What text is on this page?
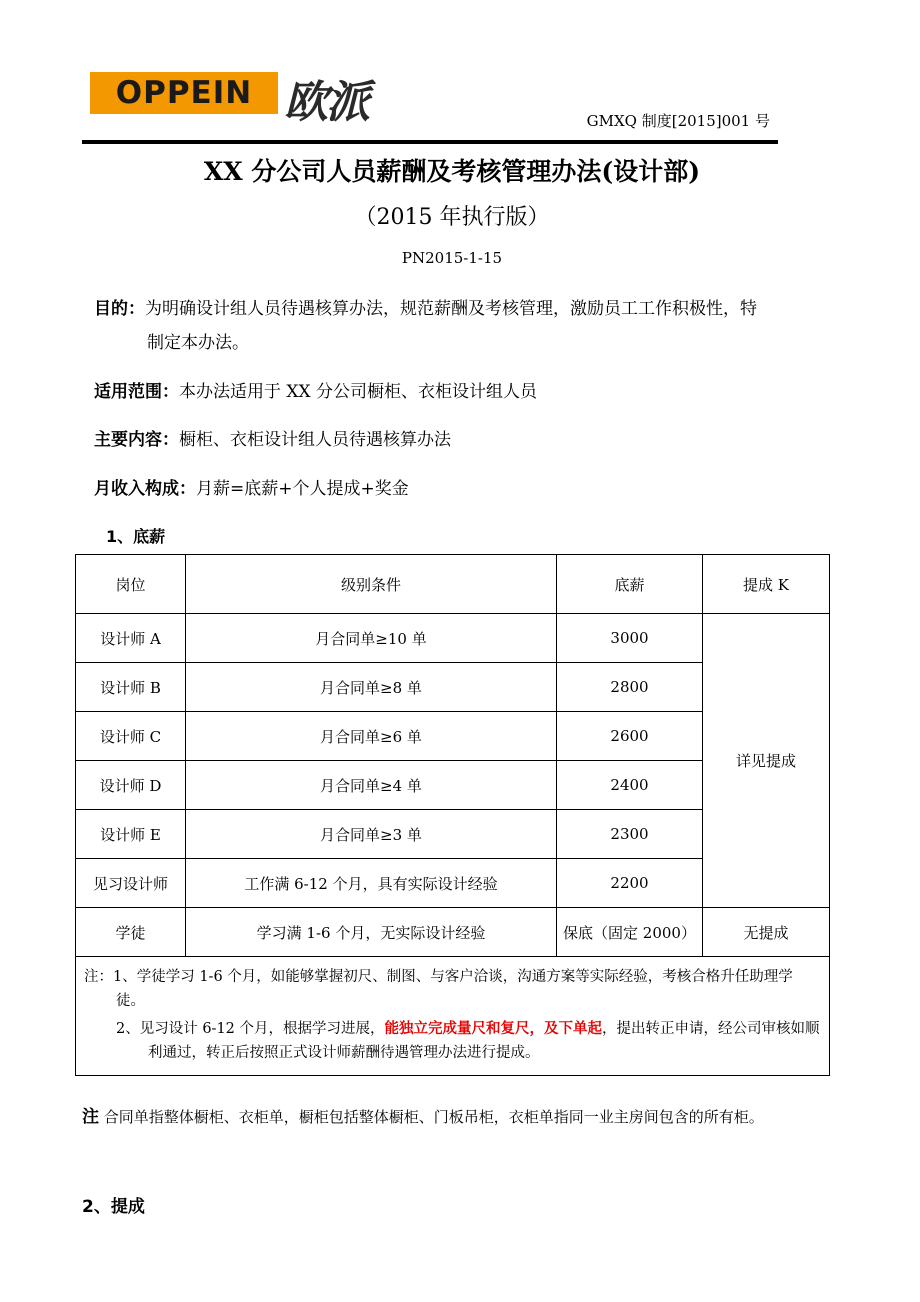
OPPEIN 欧派	GMXQ 制度[2015]001 号
XX 分公司人员薪酬及考核管理办法(设计部)
（2015 年执行版）
PN2015-1-15
目的：为明确设计组人员待遇核算办法，规范薪酬及考核管理，激励员工工作积极性，特
制定本办法。
适用范围：本办法适用于 XX 分公司橱柜、衣柜设计组人员
主要内容：橱柜、衣柜设计组人员待遇核算办法
月收入构成：月薪=底薪+个人提成+奖金
1、底薪
岗位	级别条件	底薪	提成 K
设计师 A	月合同单≥10 单	3000	详见提成
设计师 B	月合同单≥8 单	2800	
设计师 C	月合同单≥6 单	2600	
设计师 D	月合同单≥4 单	2400	
设计师 E	月合同单≥3 单	2300	
见习设计师	工作满 6-12 个月，具有实际设计经验	2200	
学徒	学习满 1-6 个月，无实际设计经验	保底（固定 2000）	无提成

注：1、学徒学习 1-6 个月，如能够掌握初尺、制图、与客户洽谈，沟通方案等实际经验，考核合格升任助理学徒。
2、见习设计 6-12 个月，根据学习进展，能独立完成量尺和复尺，及下单起，提出转正申请，经公司审核如顺利通过，转正后按照正式设计师薪酬待遇管理办法进行提成。			
注 合同单指整体橱柜、衣柜单，橱柜包括整体橱柜、门板吊柜，衣柜单指同一业主房间包含的所有柜。
2、提成
